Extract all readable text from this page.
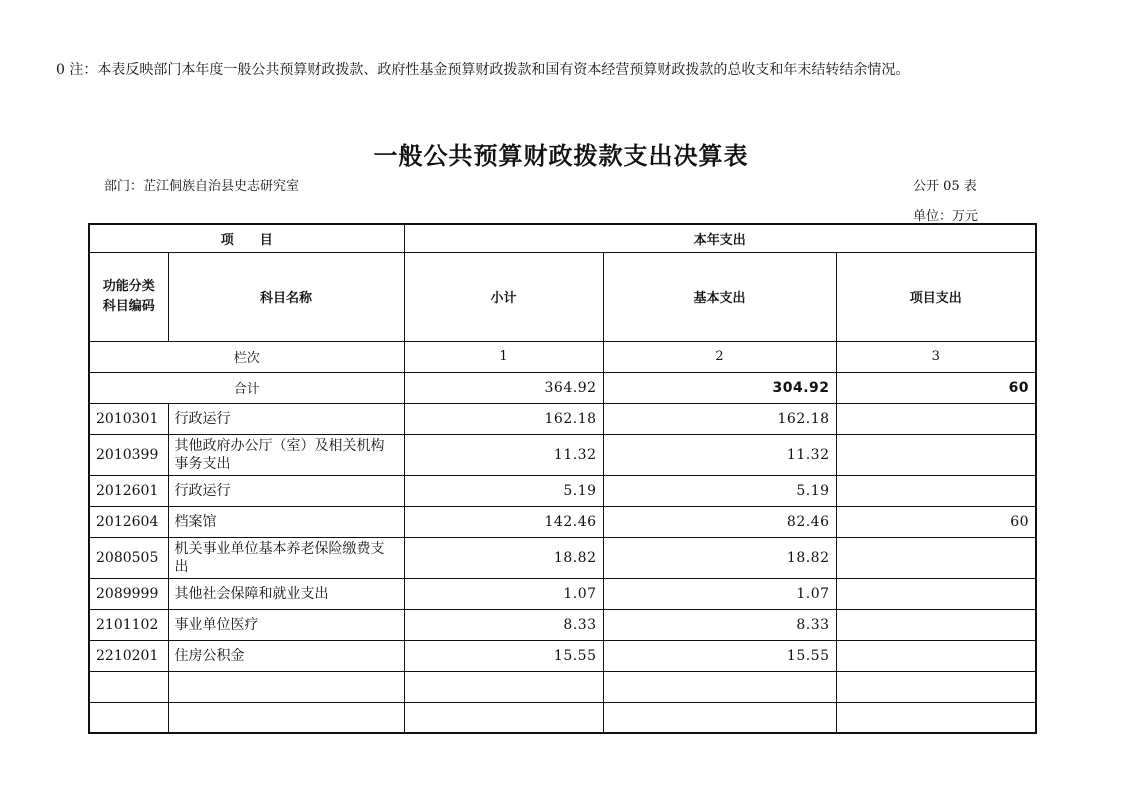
0 注：本表反映部门本年度一般公共预算财政拨款、政府性基金预算财政拨款和国有资本经营预算财政拨款的总收支和年末结转结余情况。
一般公共预算财政拨款支出决算表
部门：芷江侗族自治县史志研究室	公开 05 表
单位：万元
项　　目		本年支出		

功能分类
科目编码	科目名称	小计	基本支出	项目支出
栏次		1	2	3
合计		364.92	304.92	60
2010301	行政运行	162.18	162.18	
2010399	其他政府办公厅（室）及相关机构事务支出	11.32	11.32	
2012601	行政运行	5.19	5.19	
2012604	档案馆	142.46	82.46	60
2080505	机关事业单位基本养老保险缴费支出	18.82	18.82	
2089999	其他社会保障和就业支出	1.07	1.07	
2101102	事业单位医疗	8.33	8.33	
2210201	住房公积金	15.55	15.55	
